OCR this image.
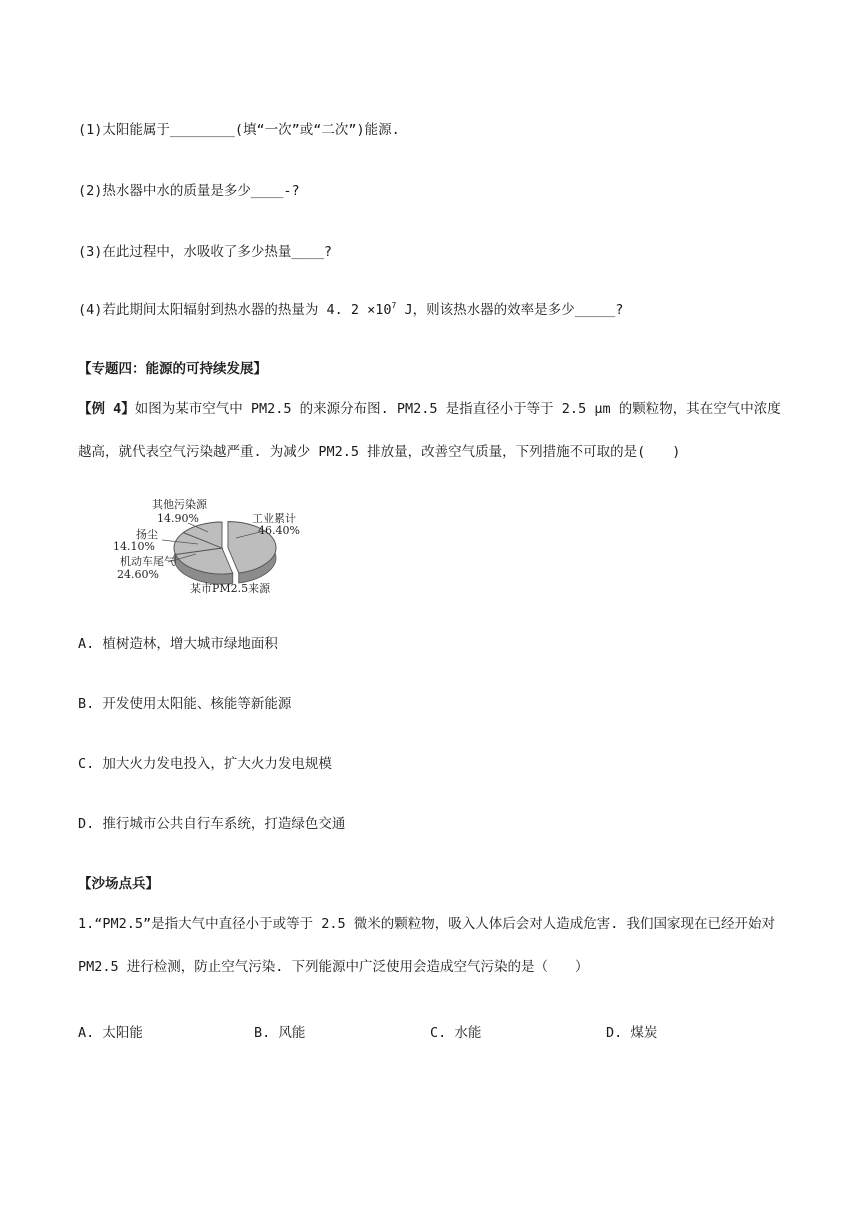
(1)太阳能属于________(填“一次”或“二次”)能源.
(2)热水器中水的质量是多少____-?
(3)在此过程中，水吸收了多少热量____?
(4)若此期间太阳辐射到热水器的热量为 4. $2 \times 10^7$ J，则该热水器的效率是多少_____?
【专题四：能源的可持续发展】
【例 4】如图为某市空气中 PM2.5 的来源分布图. PM2.5 是指直径小于等于 2.5 μm 的颗粒物，其在空气中浓度越高，就代表空气污染越严重. 为减少 PM2.5 排放量，改善空气质量，下列措施不可取的是(　　)
其他污染源
14.90%	工业累计
46.40%
扬尘
14.10%
机动车尾气
24.60%
某市PM2.5来源
A. 植树造林，增大城市绿地面积
B. 开发使用太阳能、核能等新能源
C. 加大火力发电投入，扩大火力发电规模
D. 推行城市公共自行车系统，打造绿色交通
【沙场点兵】
1.“PM2.5”是指大气中直径小于或等于 2.5 微米的颗粒物，吸入人体后会对人造成危害. 我们国家现在已经开始对 PM2.5 进行检测，防止空气污染. 下列能源中广泛使用会造成空气污染的是（　　）
A. 太阳能	B. 风能	C. 水能	D. 煤炭
